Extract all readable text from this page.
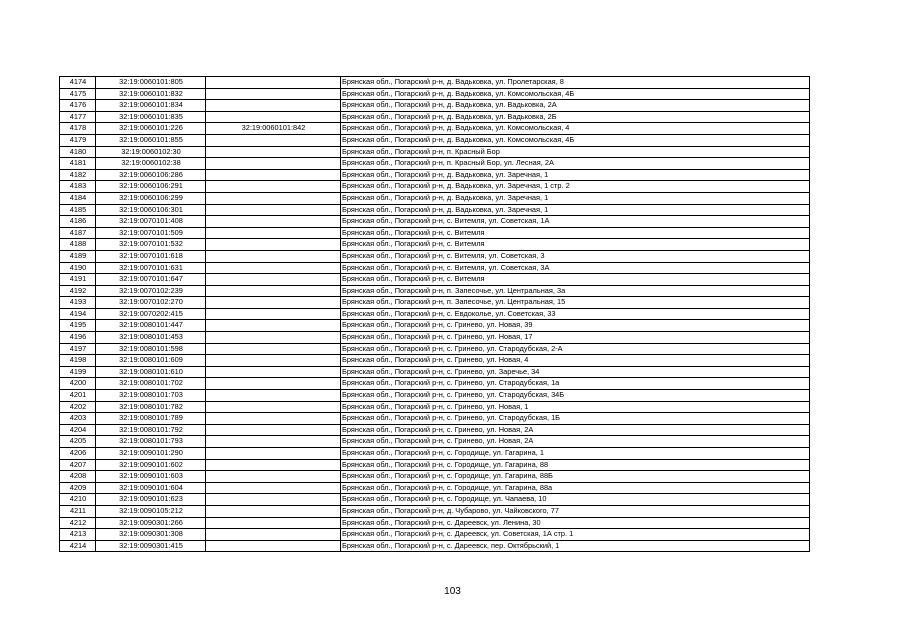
4174	32:19:0060101:805		Брянская обл., Погарский р-н, д. Вадьковка, ул. Пролетарская, 8
4175	32:19:0060101:832		Брянская обл., Погарский р-н, д. Вадьковка, ул. Комсомольская, 4Б
4176	32:19:0060101:834		Брянская обл., Погарский р-н, д. Вадьковка, ул. Вадьковка, 2А
4177	32:19:0060101:835		Брянская обл., Погарский р-н, д. Вадьковка, ул. Вадьковка, 2Б
4178	32:19:0060101:226	32:19:0060101:842	Брянская обл., Погарский р-н, д. Вадьковка, ул. Комсомольская, 4
4179	32:19:0060101:855		Брянская обл., Погарский р-н, д. Вадьковка, ул. Комсомольская, 4Б
4180	32:19:0060102:30		Брянская обл., Погарский р-н, п. Красный Бор
4181	32:19:0060102:38		Брянская обл., Погарский р-н, п. Красный Бор, ул. Лесная, 2А
4182	32:19:0060106:286		Брянская обл., Погарский р-н, д. Вадьковка, ул. Заречная, 1
4183	32:19:0060106:291		Брянская обл., Погарский р-н, д. Вадьковка, ул. Заречная, 1 стр. 2
4184	32:19:0060106:299		Брянская обл., Погарский р-н, д. Вадьковка, ул. Заречная, 1
4185	32:19:0060106:301		Брянская обл., Погарский р-н, д. Вадьковка, ул. Заречная, 1
4186	32:19:0070101:408		Брянская обл., Погарский р-н, с. Витемля, ул. Советская, 1А
4187	32:19:0070101:509		Брянская обл., Погарский р-н, с. Витемля
4188	32:19:0070101:532		Брянская обл., Погарский р-н, с. Витемля
4189	32:19:0070101:618		Брянская обл., Погарский р-н, с. Витемля, ул. Советская, 3
4190	32:19:0070101:631		Брянская обл., Погарский р-н, с. Витемля, ул. Советская, 3А
4191	32:19:0070101:647		Брянская обл., Погарский р-н, с. Витемля
4192	32:19:0070102:239		Брянская обл., Погарский р-н, п. Запесочье, ул. Центральная, 3а
4193	32:19:0070102:270		Брянская обл., Погарский р-н, п. Запесочье, ул. Центральная, 15
4194	32:19:0070202:415		Брянская обл., Погарский р-н, с. Евдоколье, ул. Советская, 33
4195	32:19:0080101:447		Брянская обл., Погарский р-н, с. Гринево, ул. Новая, 39
4196	32:19:0080101:453		Брянская обл., Погарский р-н, с. Гринево, ул. Новая, 17
4197	32:19:0080101:598		Брянская обл., Погарский р-н, с. Гринево, ул. Стародубская, 2-А
4198	32:19:0080101:609		Брянская обл., Погарский р-н, с. Гринево, ул. Новая, 4
4199	32:19:0080101:610		Брянская обл., Погарский р-н, с. Гринево, ул. Заречье, 34
4200	32:19:0080101:702		Брянская обл., Погарский р-н, с. Гринево, ул. Стародубская, 1а
4201	32:19:0080101:703		Брянская обл., Погарский р-н, с. Гринево, ул. Стародубская, 34Б
4202	32:19:0080101:782		Брянская обл., Погарский р-н, с. Гринево, ул. Новая, 1
4203	32:19:0080101:789		Брянская обл., Погарский р-н, с. Гринево, ул. Стародубская, 1Б
4204	32:19:0080101:792		Брянская обл., Погарский р-н, с. Гринево, ул. Новая, 2А
4205	32:19:0080101:793		Брянская обл., Погарский р-н, с. Гринево, ул. Новая, 2А
4206	32:19:0090101:290		Брянская обл., Погарский р-н, с. Городище, ул. Гагарина, 1
4207	32:19:0090101:602		Брянская обл., Погарский р-н, с. Городище, ул. Гагарина, 88
4208	32:19:0090101:603		Брянская обл., Погарский р-н, с. Городище, ул. Гагарина, 88Б
4209	32:19:0090101:604		Брянская обл., Погарский р-н, с. Городище, ул. Гагарина, 88а
4210	32:19:0090101:623		Брянская обл., Погарский р-н, с. Городище, ул. Чапаева, 10
4211	32:19:0090105:212		Брянская обл., Погарский р-н, д. Чубарово, ул. Чайковского, 77
4212	32:19:0090301:266		Брянская обл., Погарский р-н, с. Дареевск, ул. Ленина, 30
4213	32:19:0090301:308		Брянская обл., Погарский р-н, с. Дареевск, ул. Советская, 1А стр. 1
4214	32:19:0090301:415		Брянская обл., Погарский р-н, с. Дареевск, пер. Октябрьский, 1
103
